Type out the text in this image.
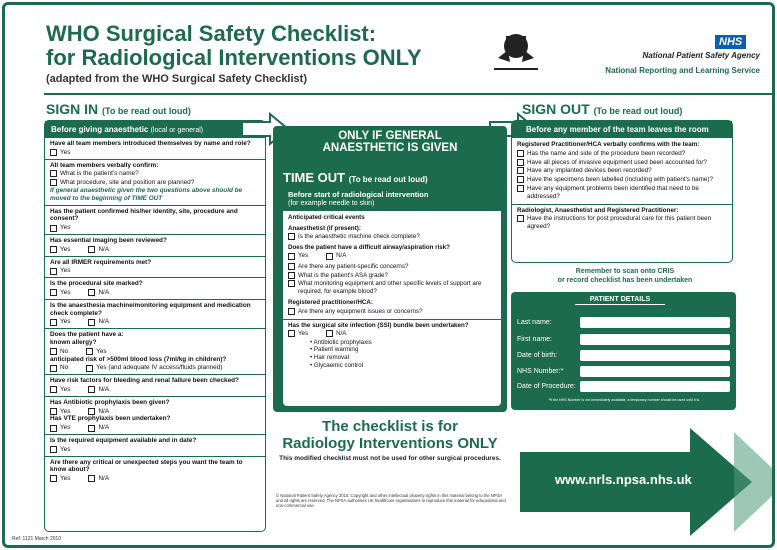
WHO Surgical Safety Checklist:
for Radiological Interventions ONLY
(adapted from the WHO Surgical Safety Checklist)
NHS
National Patient Safety Agency
National Reporting and Learning Service
SIGN IN (To be read out loud)
Before giving anaesthetic (local or general)
Have all team members introduced themselves by name and role?
Yes
All team members verbally confirm:
What is the patient's name?
What procedure, site and position are planned?
If general anaesthetic given the two questions above should be moved to the beginning of TIME OUT
Has the patient confirmed his/her identity, site, procedure and consent?
Yes
Has essential imaging been reviewed?
Yes	N/A
Are all IRMER requirements met?
Yes
Is the procedural site marked?
Yes	N/A
Is the anaesthesia machine/monitoring equipment and medication check complete?
Yes	N/A
Does the patient have a:
known allergy?
No	Yes
anticipated risk of >500ml blood loss (7ml/kg in children)?
No	Yes (and adequate IV access/fluids planned)
Have risk factors for bleeding and renal failure been checked?
Yes	N/A
Has Antibiotic prophylaxis been given?
Yes	N/A
Has VTE prophylaxis been undertaken?
Yes	N/A
Is the required equipment available and in date?
Yes
Are there any critical or unexpected steps you want the team to know about?
Yes	N/A
ONLY IF GENERAL
ANAESTHETIC IS GIVEN
TIME OUT (To be read out loud)
Before start of radiological intervention
(for example needle to skin)
Anticipated critical events
Anaesthetist (if present):
Is the anaesthetic machine check complete?
Does the patient have a difficult airway/aspiration risk?
Yes	N/A
Are there any patient-specific concerns?
What is the patient's ASA grade?
What monitoring equipment and other specific levels of support are required, for example blood?
Registered practitioner/HCA:
Are there any equipment issues or concerns?
Has the surgical site infection (SSI) bundle been undertaken?
Yes	N/A
• Antibiotic prophylaxis
• Patient warming
• Hair removal
• Glycaemic control
The checklist is for
Radiology Interventions ONLY
This modified checklist must not be used for other surgical procedures.
© National Patient Safety Agency 2010. Copyright and other intellectual property rights in this material belong to the NPSA and all rights are reserved. The NPSA authorises UK healthcare organisations to reproduce this material for educational and non-commercial use.
SIGN OUT (To be read out loud)
Before any member of the team leaves the room
Registered Practitioner/HCA verbally confirms with the team:
Has the name and side of the procedure been recorded?
Have all pieces of invasive equipment used been accounted for?
Have any implanted devices been recorded?
Have the specimens been labelled (including with patient's name)?
Have any equipment problems been identified that need to be addressed?
Radiologist, Anaesthetist and Registered Practitioner:
Have the instructions for post procedural care for this patient been agreed?
Remember to scan onto CRIS
or record checklist has been undertaken
PATIENT DETAILS
Last name:
First name:
Date of birth:
NHS Number:*
Date of Procedure:
*If the NHS Number is not immediately available, a temporary number should be used until it is
www.nrls.npsa.nhs.uk
Ref: 1121 March 2010
